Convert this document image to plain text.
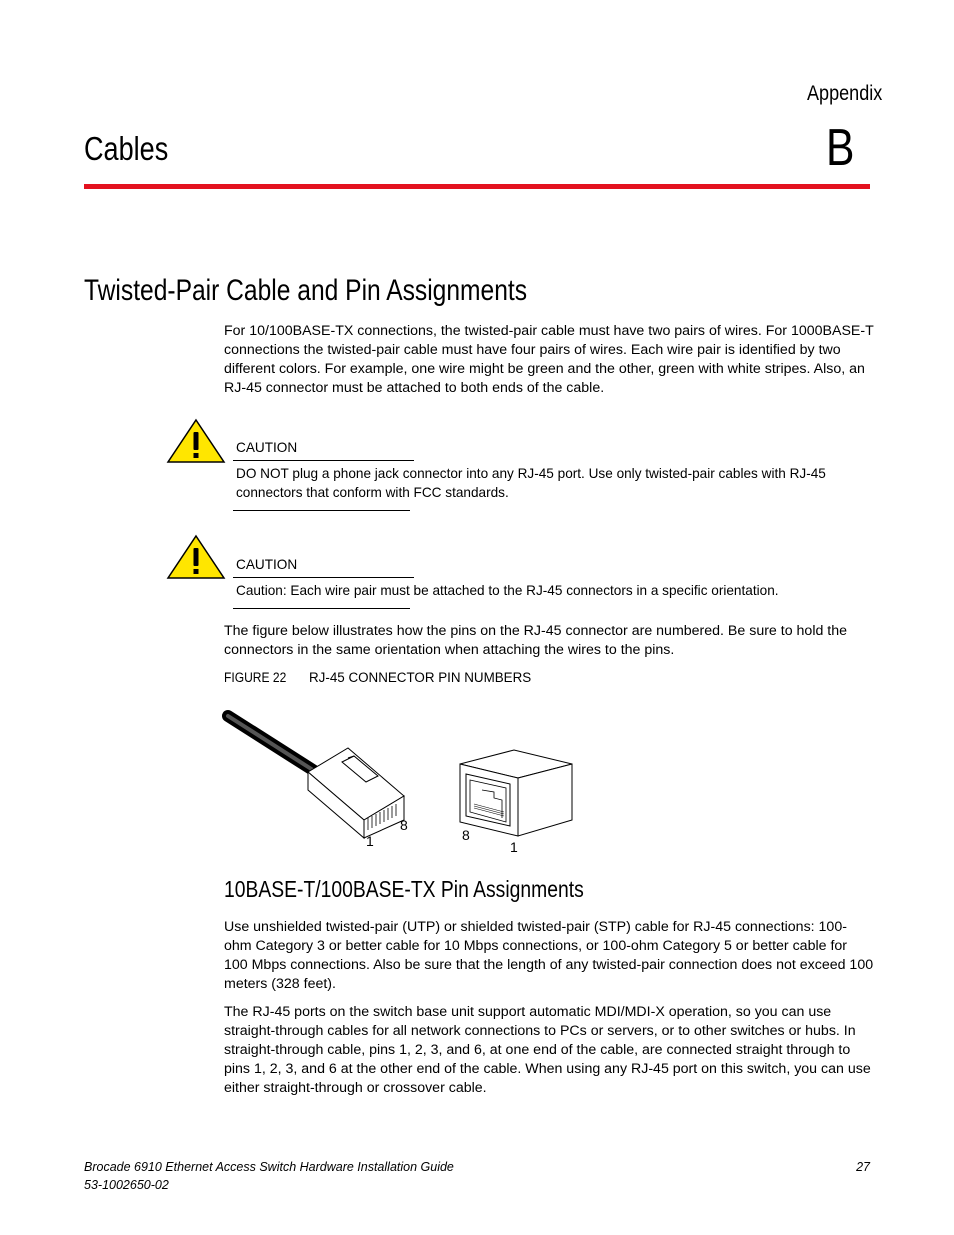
Appendix
Cables	B
Twisted-Pair Cable and Pin Assignments
For 10/100BASE-TX connections, the twisted-pair cable must have two pairs of wires. For 1000BASE-T connections the twisted-pair cable must have four pairs of wires. Each wire pair is identified by two different colors. For example, one wire might be green and the other, green with white stripes. Also, an RJ-45 connector must be attached to both ends of the cable.
CAUTION
DO NOT plug a phone jack connector into any RJ-45 port. Use only twisted-pair cables with RJ-45 connectors that conform with FCC standards.
CAUTION
Caution: Each wire pair must be attached to the RJ-45 connectors in a specific orientation.
The figure below illustrates how the pins on the RJ-45 connector are numbered. Be sure to hold the connectors in the same orientation when attaching the wires to the pins.
FIGURE 22 RJ-45 CONNECTOR PIN NUMBERS
1
8
8
1
10BASE-T/100BASE-TX Pin Assignments
Use unshielded twisted-pair (UTP) or shielded twisted-pair (STP) cable for RJ-45 connections: 100-ohm Category 3 or better cable for 10 Mbps connections, or 100-ohm Category 5 or better cable for 100 Mbps connections. Also be sure that the length of any twisted-pair connection does not exceed 100 meters (328 feet).
The RJ-45 ports on the switch base unit support automatic MDI/MDI-X operation, so you can use straight-through cables for all network connections to PCs or servers, or to other switches or hubs. In straight-through cable, pins 1, 2, 3, and 6, at one end of the cable, are connected straight through to pins 1, 2, 3, and 6 at the other end of the cable. When using any RJ-45 port on this switch, you can use either straight-through or crossover cable.
Brocade 6910 Ethernet Access Switch Hardware Installation Guide
53-1002650-02
27
